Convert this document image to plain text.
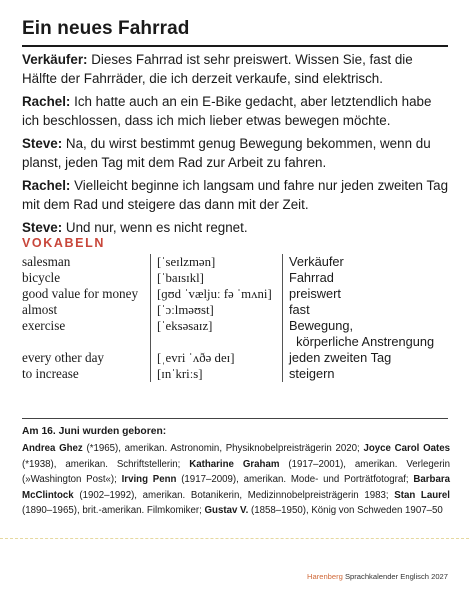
Ein neues Fahrrad

Verkäufer: Dieses Fahrrad ist sehr preiswert. Wissen Sie, fast die Hälfte der Fahrräder, die ich derzeit verkaufe, sind elektrisch.

Rachel: Ich hatte auch an ein E-Bike gedacht, aber letztendlich habe ich beschlossen, dass ich mich lieber etwas bewegen möchte.

Steve: Na, du wirst bestimmt genug Bewegung bekommen, wenn du planst, jeden Tag mit dem Rad zur Arbeit zu fahren.

Rachel: Vielleicht beginne ich langsam und fahre nur jeden zweiten Tag mit dem Rad und steigere das dann mit der Zeit.

Steve: Und nur, wenn es nicht regnet.

VOKABELN
salesman	[ˈseɪlzmən]	Verkäufer
bicycle	[ˈbaɪsɪkl]	Fahrrad
good value for money	[ɡʊd ˈvæljuː fə ˈmʌni]	preiswert
almost	[ˈɔːlməʊst]	fast
exercise	[ˈeksəsaɪz]	Bewegung,
körperliche Anstrengung
every other day	[ˌevri ˈʌðə deɪ]	jeden zweiten Tag
to increase	[ɪnˈkriːs]	steigern
Am 16. Juni wurden geboren:
Andrea Ghez (*1965), amerikan. Astronomin, Physiknobelpreisträgerin 2020; Joyce Carol Oates (*1938), amerikan. Schriftstellerin; Katharine Graham (1917–2001), amerikan. Verlegerin (»Washington Post«); Irving Penn (1917–2009), amerikan. Mode- und Porträtfotograf; Barbara McClintock (1902–1992), amerikan. Botanikerin, Medizinnobelpreisträgerin 1983; Stan Laurel (1890–1965), brit.-amerikan. Filmkomiker; Gustav V. (1858–1950), König von Schweden 1907–50
Harenberg Sprachkalender Englisch 2027
